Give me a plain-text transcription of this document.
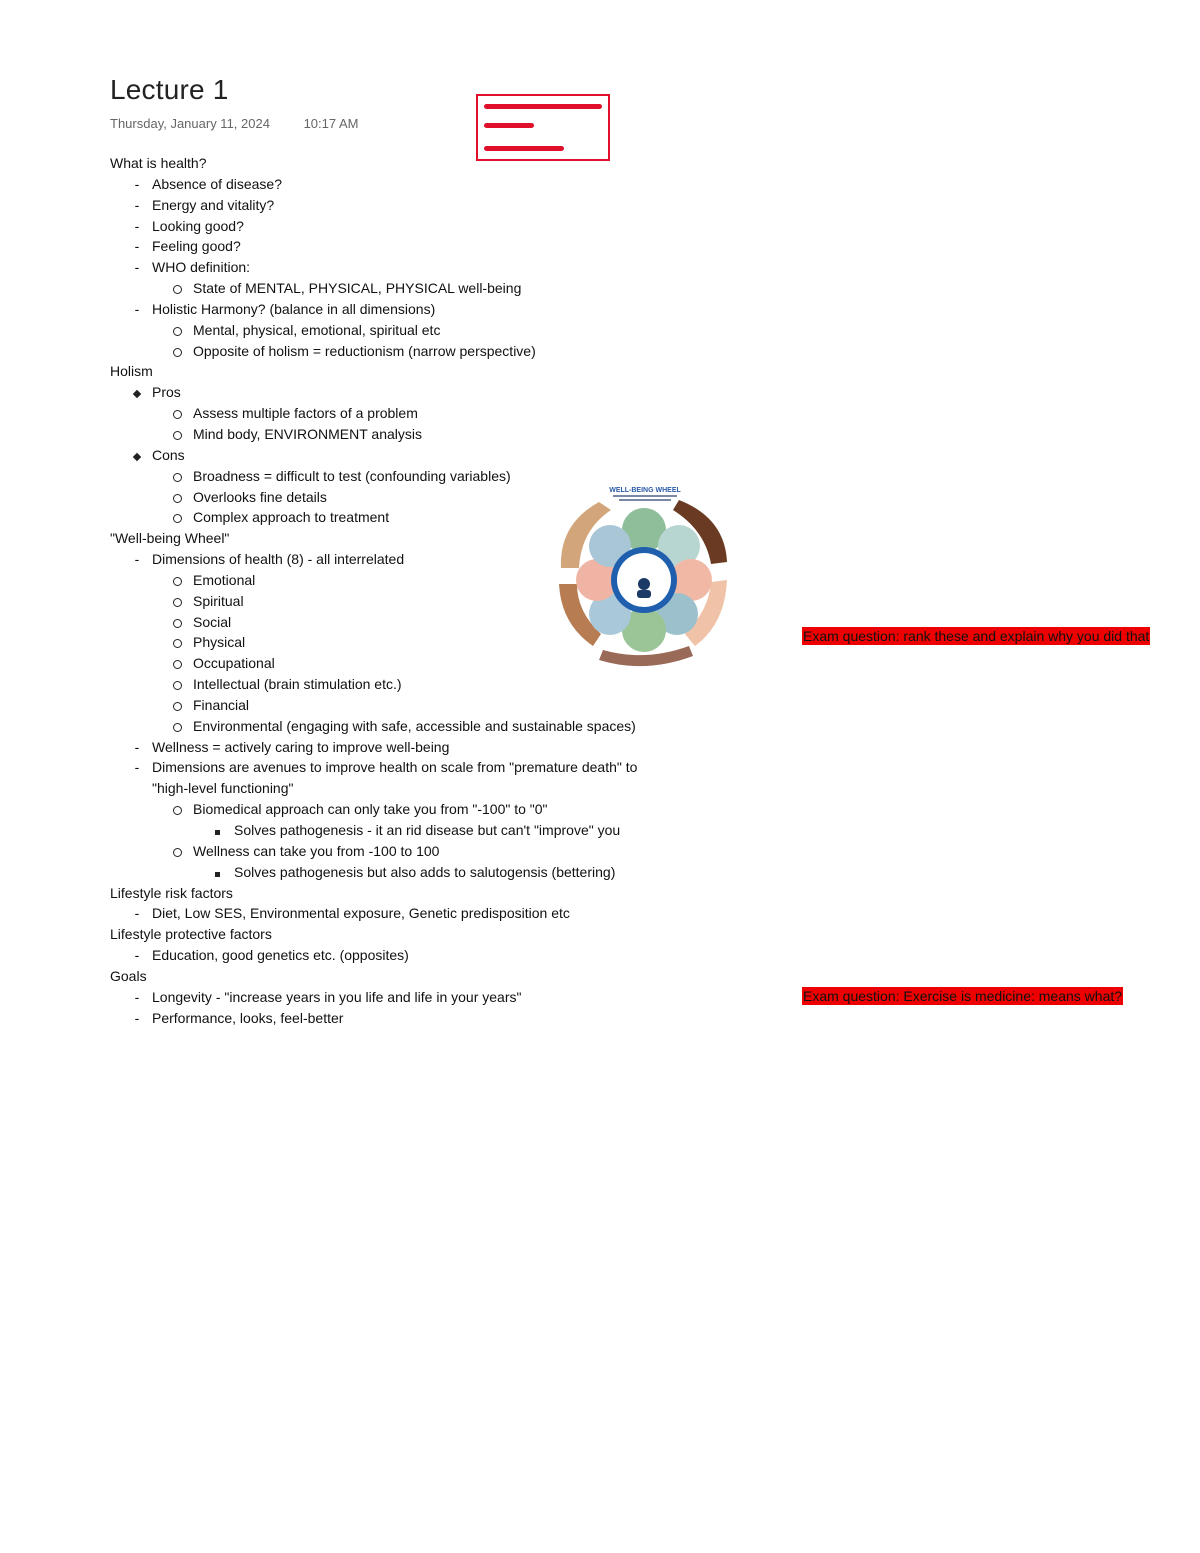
Lecture 1
Thursday, January 11, 2024	10:17 AM
What is health?
- Absence of disease?
- Energy and vitality?
- Looking good?
- Feeling good?
- WHO definition:
State of MENTAL, PHYSICAL, PHYSICAL well-being
- Holistic Harmony? (balance in all dimensions)
Mental, physical, emotional, spiritual etc
Opposite of holism = reductionism (narrow perspective)
Holism
Pros
Assess multiple factors of a problem
Mind body, ENVIRONMENT analysis
Cons
Broadness = difficult to test (confounding variables)
Overlooks fine details
Complex approach to treatment
"Well-being Wheel"
- Dimensions of health (8) - all interrelated
Emotional
Spiritual
Social
Physical
Occupational
Intellectual (brain stimulation etc.)
Financial
Environmental (engaging with safe, accessible and sustainable spaces)
- Wellness = actively caring to improve well-being
- Dimensions are avenues to improve health on scale from "premature death" to
"high-level functioning"
Biomedical approach can only take you from "-100" to "0"
Solves pathogenesis - it an rid disease but can't "improve" you
Wellness can take you from -100 to 100
Solves pathogenesis but also adds to salutogensis (bettering)
Lifestyle risk factors
- Diet, Low SES, Environmental exposure, Genetic predisposition etc
Lifestyle protective factors
- Education, good genetics etc. (opposites)
Goals
- Longevity - "increase years in you life and life in your years"
- Performance, looks, feel-better
WELL-BEING WHEEL
Exam question: rank these and explain why you did that
Exam question: Exercise is medicine: means what?
